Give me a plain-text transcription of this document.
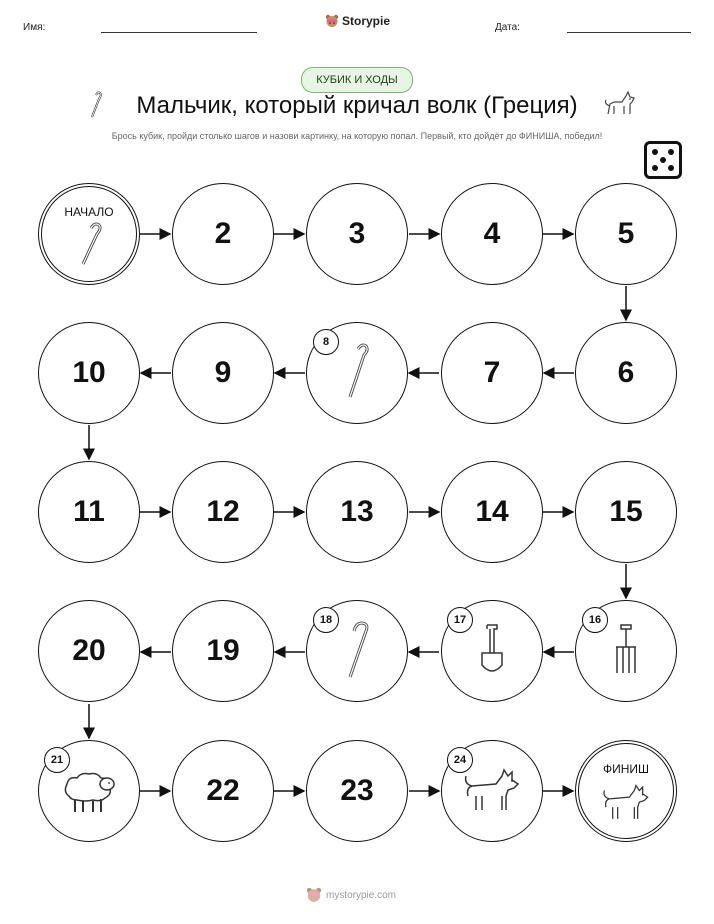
Имя:	Storypie	Дата:
КУБИК И ХОДЫ
Мальчик, который кричал волк (Греция)
Брось кубик, пройди столько шагов и назови картинку, на которую попал. Первый, кто дойдёт до ФИНИША, победил!
НАЧАЛО
2	3	4	5
10	9
8
7	6
11	12	13	14	15
20	19
18	17	16
21
22	23
24
ФИНИШ
mystorypie.com
